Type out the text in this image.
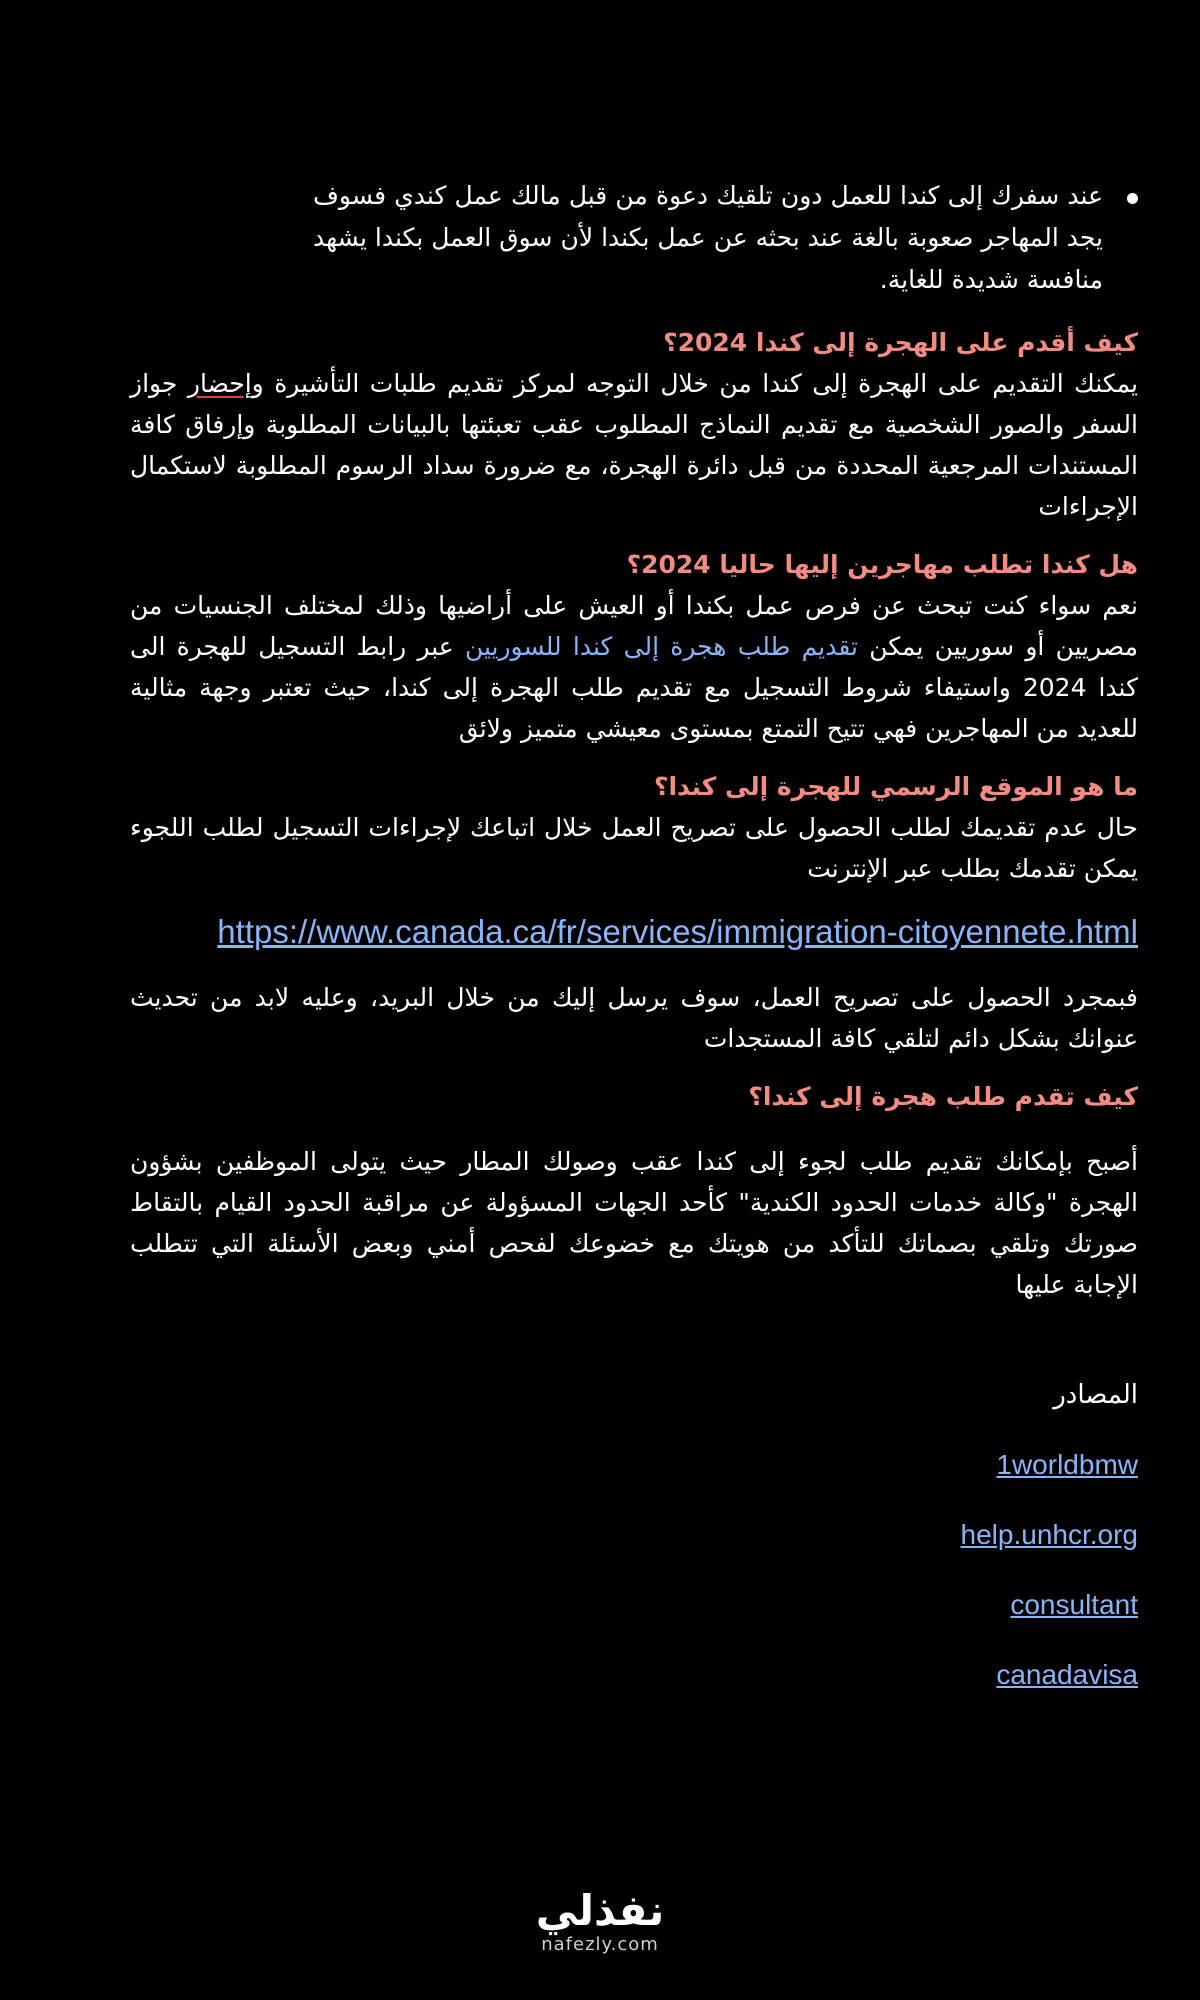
عند سفرك إلى كندا للعمل دون تلقيك دعوة من قبل مالك عمل كندي فسوف يجد المهاجر صعوبة بالغة عند بحثه عن عمل بكندا لأن سوق العمل بكندا يشهد منافسة شديدة للغاية.
كيف أقدم على الهجرة إلى كندا 2024؟

يمكنك التقديم على الهجرة إلى كندا من خلال التوجه لمركز تقديم طلبات التأشيرة وإحضار جواز السفر والصور الشخصية مع تقديم النماذج المطلوب عقب تعبئتها بالبيانات المطلوبة وإرفاق كافة المستندات المرجعية المحددة من قبل دائرة الهجرة، مع ضرورة سداد الرسوم المطلوبة لاستكمال الإجراءات

هل كندا تطلب مهاجرين إليها حاليا 2024؟

نعم سواء كنت تبحث عن فرص عمل بكندا أو العيش على أراضيها وذلك لمختلف الجنسيات من مصريين أو سوريين يمكن تقديم طلب هجرة إلى كندا للسوريين عبر رابط التسجيل للهجرة الى كندا 2024 واستيفاء شروط التسجيل مع تقديم طلب الهجرة إلى كندا، حيث تعتبر وجهة مثالية للعديد من المهاجرين فهي تتيح التمتع بمستوى معيشي متميز ولائق

ما هو الموقع الرسمي للهجرة إلى كندا؟

حال عدم تقديمك لطلب الحصول على تصريح العمل خلال اتباعك لإجراءات التسجيل لطلب اللجوء يمكن تقدمك بطلب عبر الإنترنت

https://www.canada.ca/fr/services/immigration-citoyennete.html

فبمجرد الحصول على تصريح العمل، سوف يرسل إليك من خلال البريد، وعليه لابد من تحديث عنوانك بشكل دائم لتلقي كافة المستجدات

كيف تقدم طلب هجرة إلى كندا؟

أصبح بإمكانك تقديم طلب لجوء إلى كندا عقب وصولك المطار حيث يتولى الموظفين بشؤون الهجرة "وكالة خدمات الحدود الكندية" كأحد الجهات المسؤولة عن مراقبة الحدود القيام بالتقاط صورتك وتلقي بصماتك للتأكد من هويتك مع خضوعك لفحص أمني وبعض الأسئلة التي تتطلب الإجابة عليها

المصادر
1worldbmw
help.unhcr.org
consultant
canadavisa
نفذلي
nafezly.com
